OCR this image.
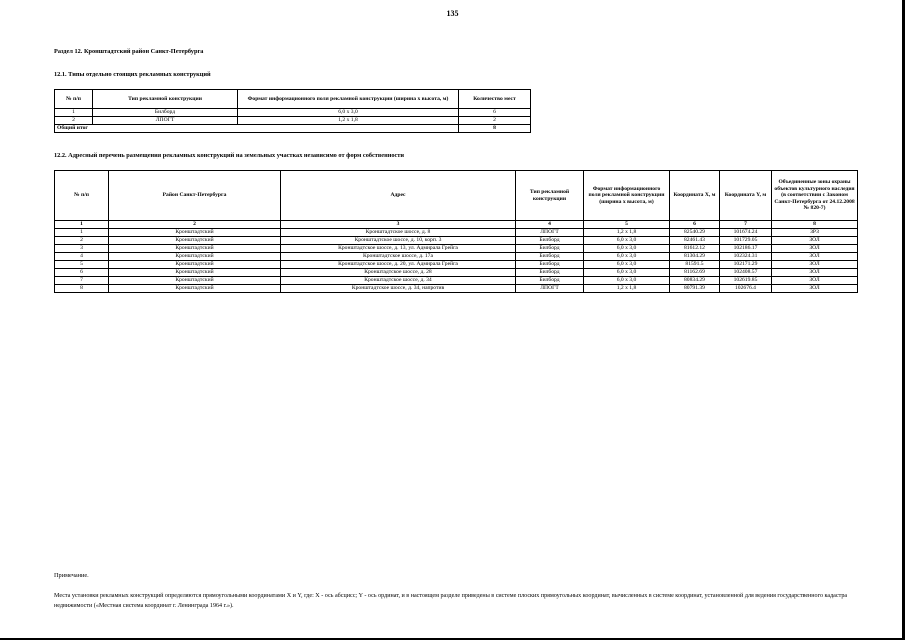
135
Раздел 12. Кронштадтский район Санкт-Петербурга
12.1. Типы отдельно стоящих рекламных конструкций
№ п/п	Тип рекламной конструкции	Формат информационного поля рекламной конструкции (ширина х высота, м)	Количество мест
1	Билборд	6,0 х 3,0	6
2	ЛПОГТ	1,2 х 1,8	2
Общий итог			8
12.2. Адресный перечень размещения рекламных конструкций на земельных участках независимо от форм собственности
№ п/п	Район Санкт-Петербурга	Адрес	Тип рекламной конструкции	Формат информационного поля рекламной конструкции (ширина х высота, м)	Координата X, м	Координата Y, м	Объединенные зоны охраны объектов культурного наследия (в соответствии с Законом Санкт-Петербурга от 24.12.2008 № 820-7)
1	2	3	4	5	6	7	8
1	Кронштадтский	Кронштадтское шоссе, д. 8	ЛПОГТ	1,2 х 1,8	82540.29	101674.24	ЗРЗ
2	Кронштадтский	Кронштадтское шоссе, д. 10, корп. 3	Билборд	6,0 х 3,0	82461.43	101729.05	ЗОЛ
3	Кронштадтский	Кронштадтское шоссе, д. 13, ул. Адмирала Грейга	Билборд	6,0 х 3,0	81612.12	102186.17	ЗОЛ
4	Кронштадтский	Кронштадтское шоссе, д. 17а	Билборд	6,0 х 3,0	81304.29	102324.31	ЗОЛ
5	Кронштадтский	Кронштадтское шоссе, д. 20, ул. Адмирала Грейга	Билборд	6,0 х 3,0	81591.5	102171.29	ЗОЛ
6	Кронштадтский	Кронштадтское шоссе, д. 28	Билборд	6,0 х 3,0	81162.69	102408.57	ЗОЛ
7	Кронштадтский	Кронштадтское шоссе, д. 34	Билборд	6,0 х 3,0	80834.29	102619.85	ЗОЛ
8	Кронштадтский	Кронштадтское шоссе, д. 34, напротив	ЛПОГТ	1,2 х 1,8	80791.39	102676.4	ЗОЛ
Примечание.
Места установки рекламных конструкций определяются прямоугольными координатами X и Y, где: X - ось абсцисс; Y - ось ординат, и в настоящем разделе приведены в системе плоских прямоугольных координат, вычисленных в системе координат, установленной для ведения государственного кадастра недвижимости («Местная система координат г. Ленинграда 1964 г.»).
